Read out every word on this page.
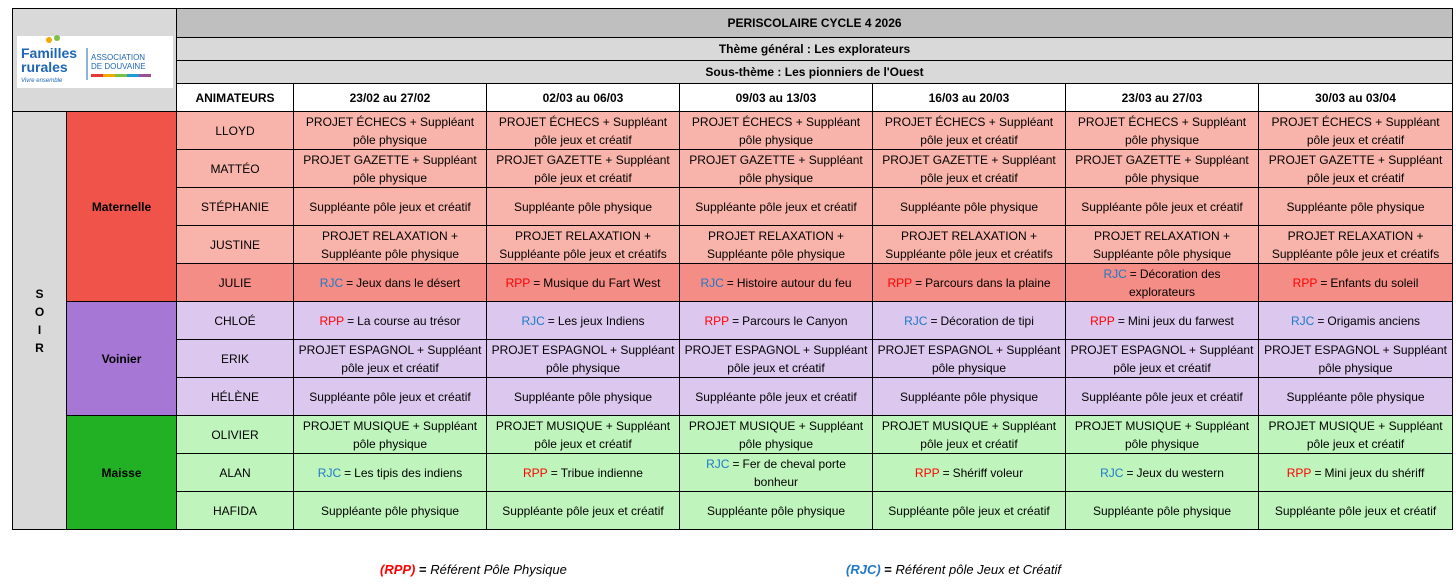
Familles
rurales
Vivre ensemble
ASSOCIATION
DE DOUVAINE		PERISCOLAIRE CYCLE 4 2026						
		Thème général : Les explorateurs						
		Sous-thème : Les pionniers de l'Ouest						
		ANIMATEURS	23/02 au 27/02	02/03 au 06/03	09/03 au 13/03	16/03 au 20/03	23/03 au 27/03	30/03 au 03/04

S
O
I
R	Maternelle	LLOYD	PROJET ÉCHECS + Suppléant pôle physique	PROJET ÉCHECS + Suppléant pôle jeux et créatif	PROJET ÉCHECS + Suppléant pôle physique	PROJET ÉCHECS + Suppléant pôle jeux et créatif	PROJET ÉCHECS + Suppléant pôle physique	PROJET ÉCHECS + Suppléant pôle jeux et créatif
		MATTÉO	PROJET GAZETTE + Suppléant pôle physique	PROJET GAZETTE + Suppléant pôle jeux et créatif	PROJET GAZETTE + Suppléant pôle physique	PROJET GAZETTE + Suppléant pôle jeux et créatif	PROJET GAZETTE + Suppléant pôle physique	PROJET GAZETTE + Suppléant pôle jeux et créatif
		STÉPHANIE	Suppléante pôle jeux et créatif	Suppléante pôle physique	Suppléante pôle jeux et créatif	Suppléante pôle physique	Suppléante pôle jeux et créatif	Suppléante pôle physique
		JUSTINE	PROJET RELAXATION + Suppléante pôle physique	PROJET RELAXATION + Suppléante pôle jeux et créatifs	PROJET RELAXATION + Suppléante pôle physique	PROJET RELAXATION + Suppléante pôle jeux et créatifs	PROJET RELAXATION + Suppléante pôle physique	PROJET RELAXATION + Suppléante pôle jeux et créatifs
		JULIE	RJC = Jeux dans le désert	RPP = Musique du Fart West	RJC = Histoire autour du feu	RPP = Parcours dans la plaine	RJC = Décoration des explorateurs	RPP = Enfants du soleil
	Voinier	CHLOÉ	RPP = La course au trésor	RJC = Les jeux Indiens	RPP = Parcours le Canyon	RJC = Décoration de tipi	RPP = Mini jeux du farwest	RJC = Origamis anciens
		ERIK	PROJET ESPAGNOL + Suppléant pôle jeux et créatif	PROJET ESPAGNOL + Suppléant pôle physique	PROJET ESPAGNOL + Suppléant pôle jeux et créatif	PROJET ESPAGNOL + Suppléant pôle physique	PROJET ESPAGNOL + Suppléant pôle jeux et créatif	PROJET ESPAGNOL + Suppléant pôle physique
		HÉLÈNE	Suppléante pôle jeux et créatif	Suppléante pôle physique	Suppléante pôle jeux et créatif	Suppléante pôle physique	Suppléante pôle jeux et créatif	Suppléante pôle physique
	Maisse	OLIVIER	PROJET MUSIQUE + Suppléant pôle physique	PROJET MUSIQUE + Suppléant pôle jeux et créatif	PROJET MUSIQUE + Suppléant pôle physique	PROJET MUSIQUE + Suppléant pôle jeux et créatif	PROJET MUSIQUE + Suppléant pôle physique	PROJET MUSIQUE + Suppléant pôle jeux et créatif
		ALAN	RJC = Les tipis des indiens	RPP = Tribue indienne	RJC = Fer de cheval porte bonheur	RPP = Shériff voleur	RJC = Jeux du western	RPP = Mini jeux du shériff
		HAFIDA	Suppléante pôle physique	Suppléante pôle jeux et créatif	Suppléante pôle physique	Suppléante pôle jeux et créatif	Suppléante pôle physique	Suppléante pôle jeux et créatif
(RPP) = Référent Pôle Physique	(RJC) = Référent pôle Jeux et Créatif
